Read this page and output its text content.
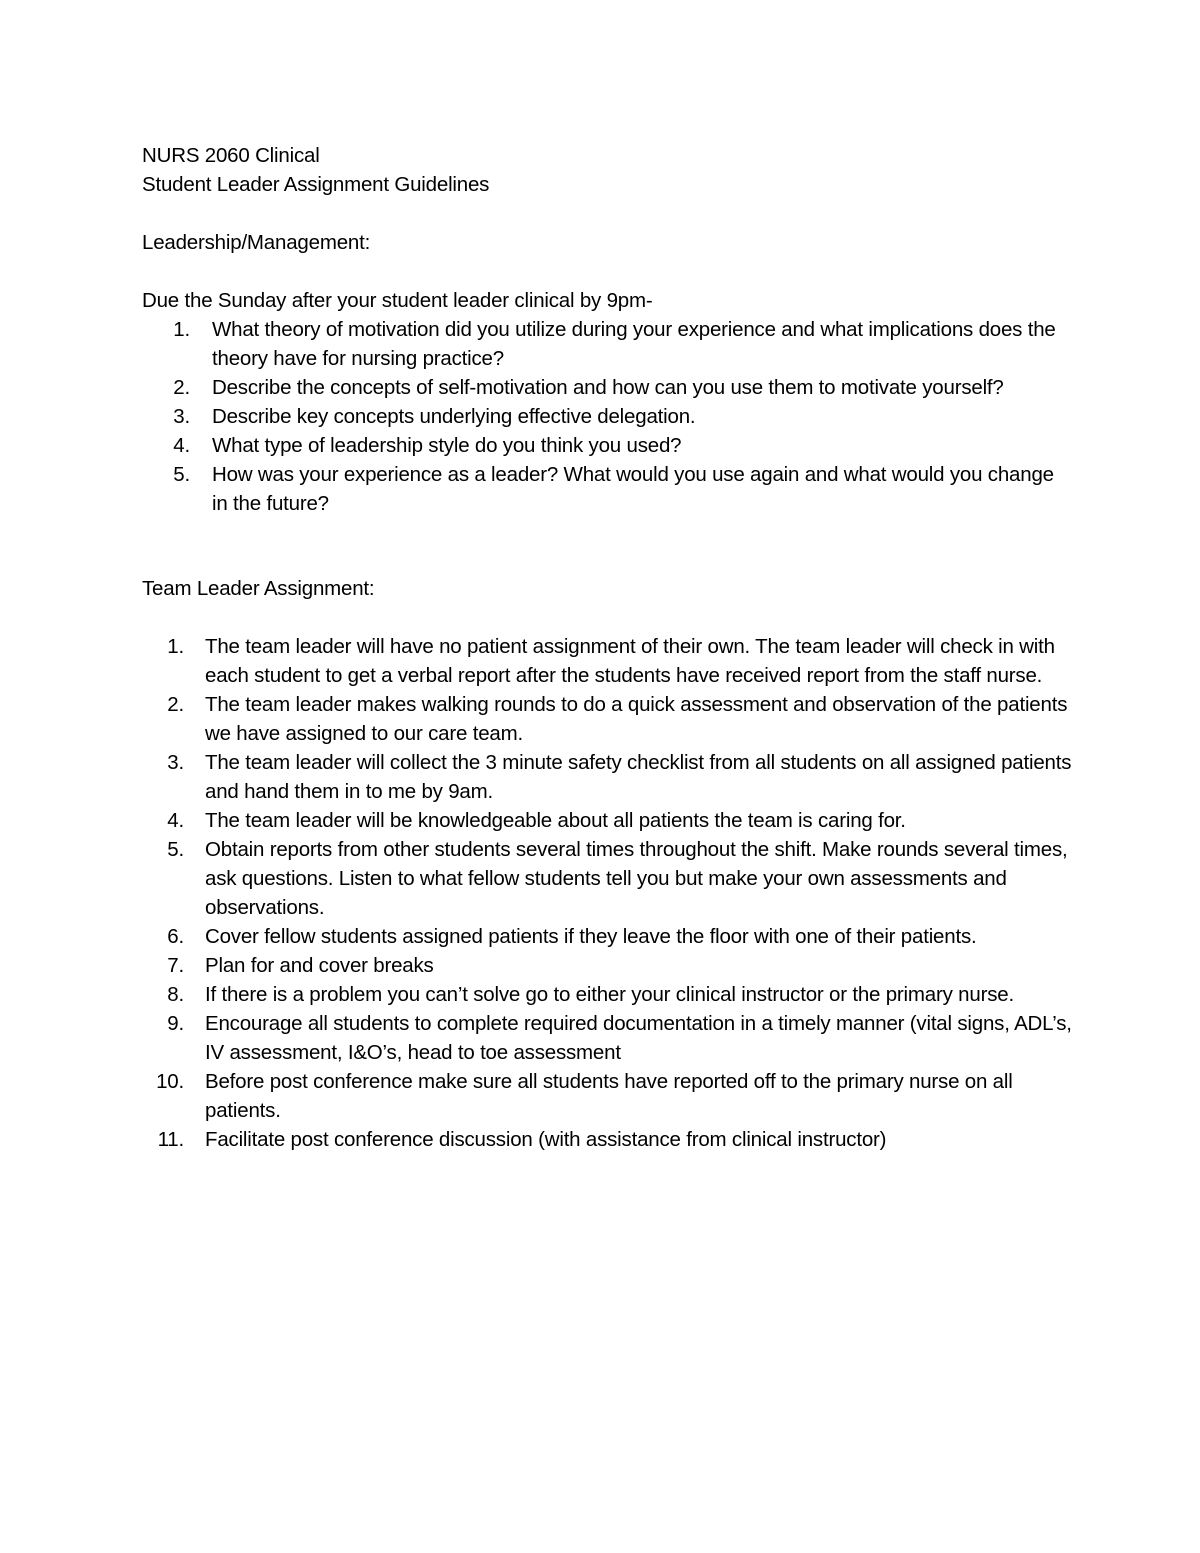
NURS 2060 Clinical

Student Leader Assignment Guidelines

Leadership/Management:

Due the Sunday after your student leader clinical by 9pm-

1. What theory of motivation did you utilize during your experience and what implications does the theory have for nursing practice?
2. Describe the concepts of self-motivation and how can you use them to motivate yourself?
3. Describe key concepts underlying effective delegation.
4. What type of leadership style do you think you used?
5. How was your experience as a leader? What would you use again and what would you change in the future?

Team Leader Assignment:

1. The team leader will have no patient assignment of their own. The team leader will check in with each student to get a verbal report after the students have received report from the staff nurse.
2. The team leader makes walking rounds to do a quick assessment and observation of the patients we have assigned to our care team.
3. The team leader will collect the 3 minute safety checklist from all students on all assigned patients and hand them in to me by 9am.
4. The team leader will be knowledgeable about all patients the team is caring for.
5. Obtain reports from other students several times throughout the shift. Make rounds several times, ask questions. Listen to what fellow students tell you but make your own assessments and observations.
6. Cover fellow students assigned patients if they leave the floor with one of their patients.
7. Plan for and cover breaks
8. If there is a problem you can’t solve go to either your clinical instructor or the primary nurse.
9. Encourage all students to complete required documentation in a timely manner (vital signs, ADL’s, IV assessment, I&O’s, head to toe assessment
10. Before post conference make sure all students have reported off to the primary nurse on all patients.
11. Facilitate post conference discussion (with assistance from clinical instructor)
